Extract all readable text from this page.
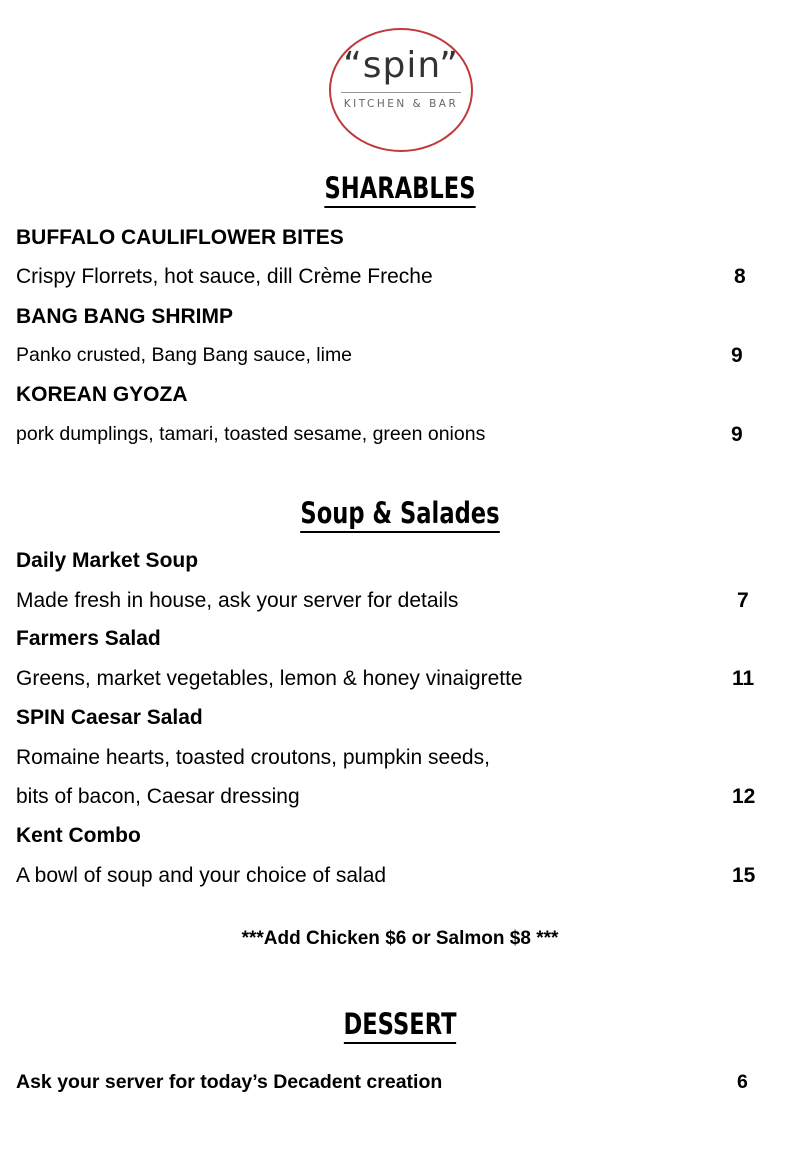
“spin”
KITCHEN & BAR
SHARABLES
BUFFALO CAULIFLOWER BITES
Crispy Florrets, hot sauce, dill Crème Freche	8
BANG BANG SHRIMP
Panko crusted, Bang Bang sauce, lime	9
KOREAN GYOZA
pork dumplings, tamari, toasted sesame, green onions	9
Soup & Salades
Daily Market Soup
Made fresh in house, ask your server for details	7
Farmers Salad
Greens, market vegetables, lemon & honey vinaigrette	11
SPIN Caesar Salad
Romaine hearts, toasted croutons, pumpkin seeds,
bits of bacon, Caesar dressing	12
Kent Combo
A bowl of soup and your choice of salad	15
***Add Chicken $6 or Salmon $8 ***
DESSERT
Ask your server for today’s Decadent creation	6
